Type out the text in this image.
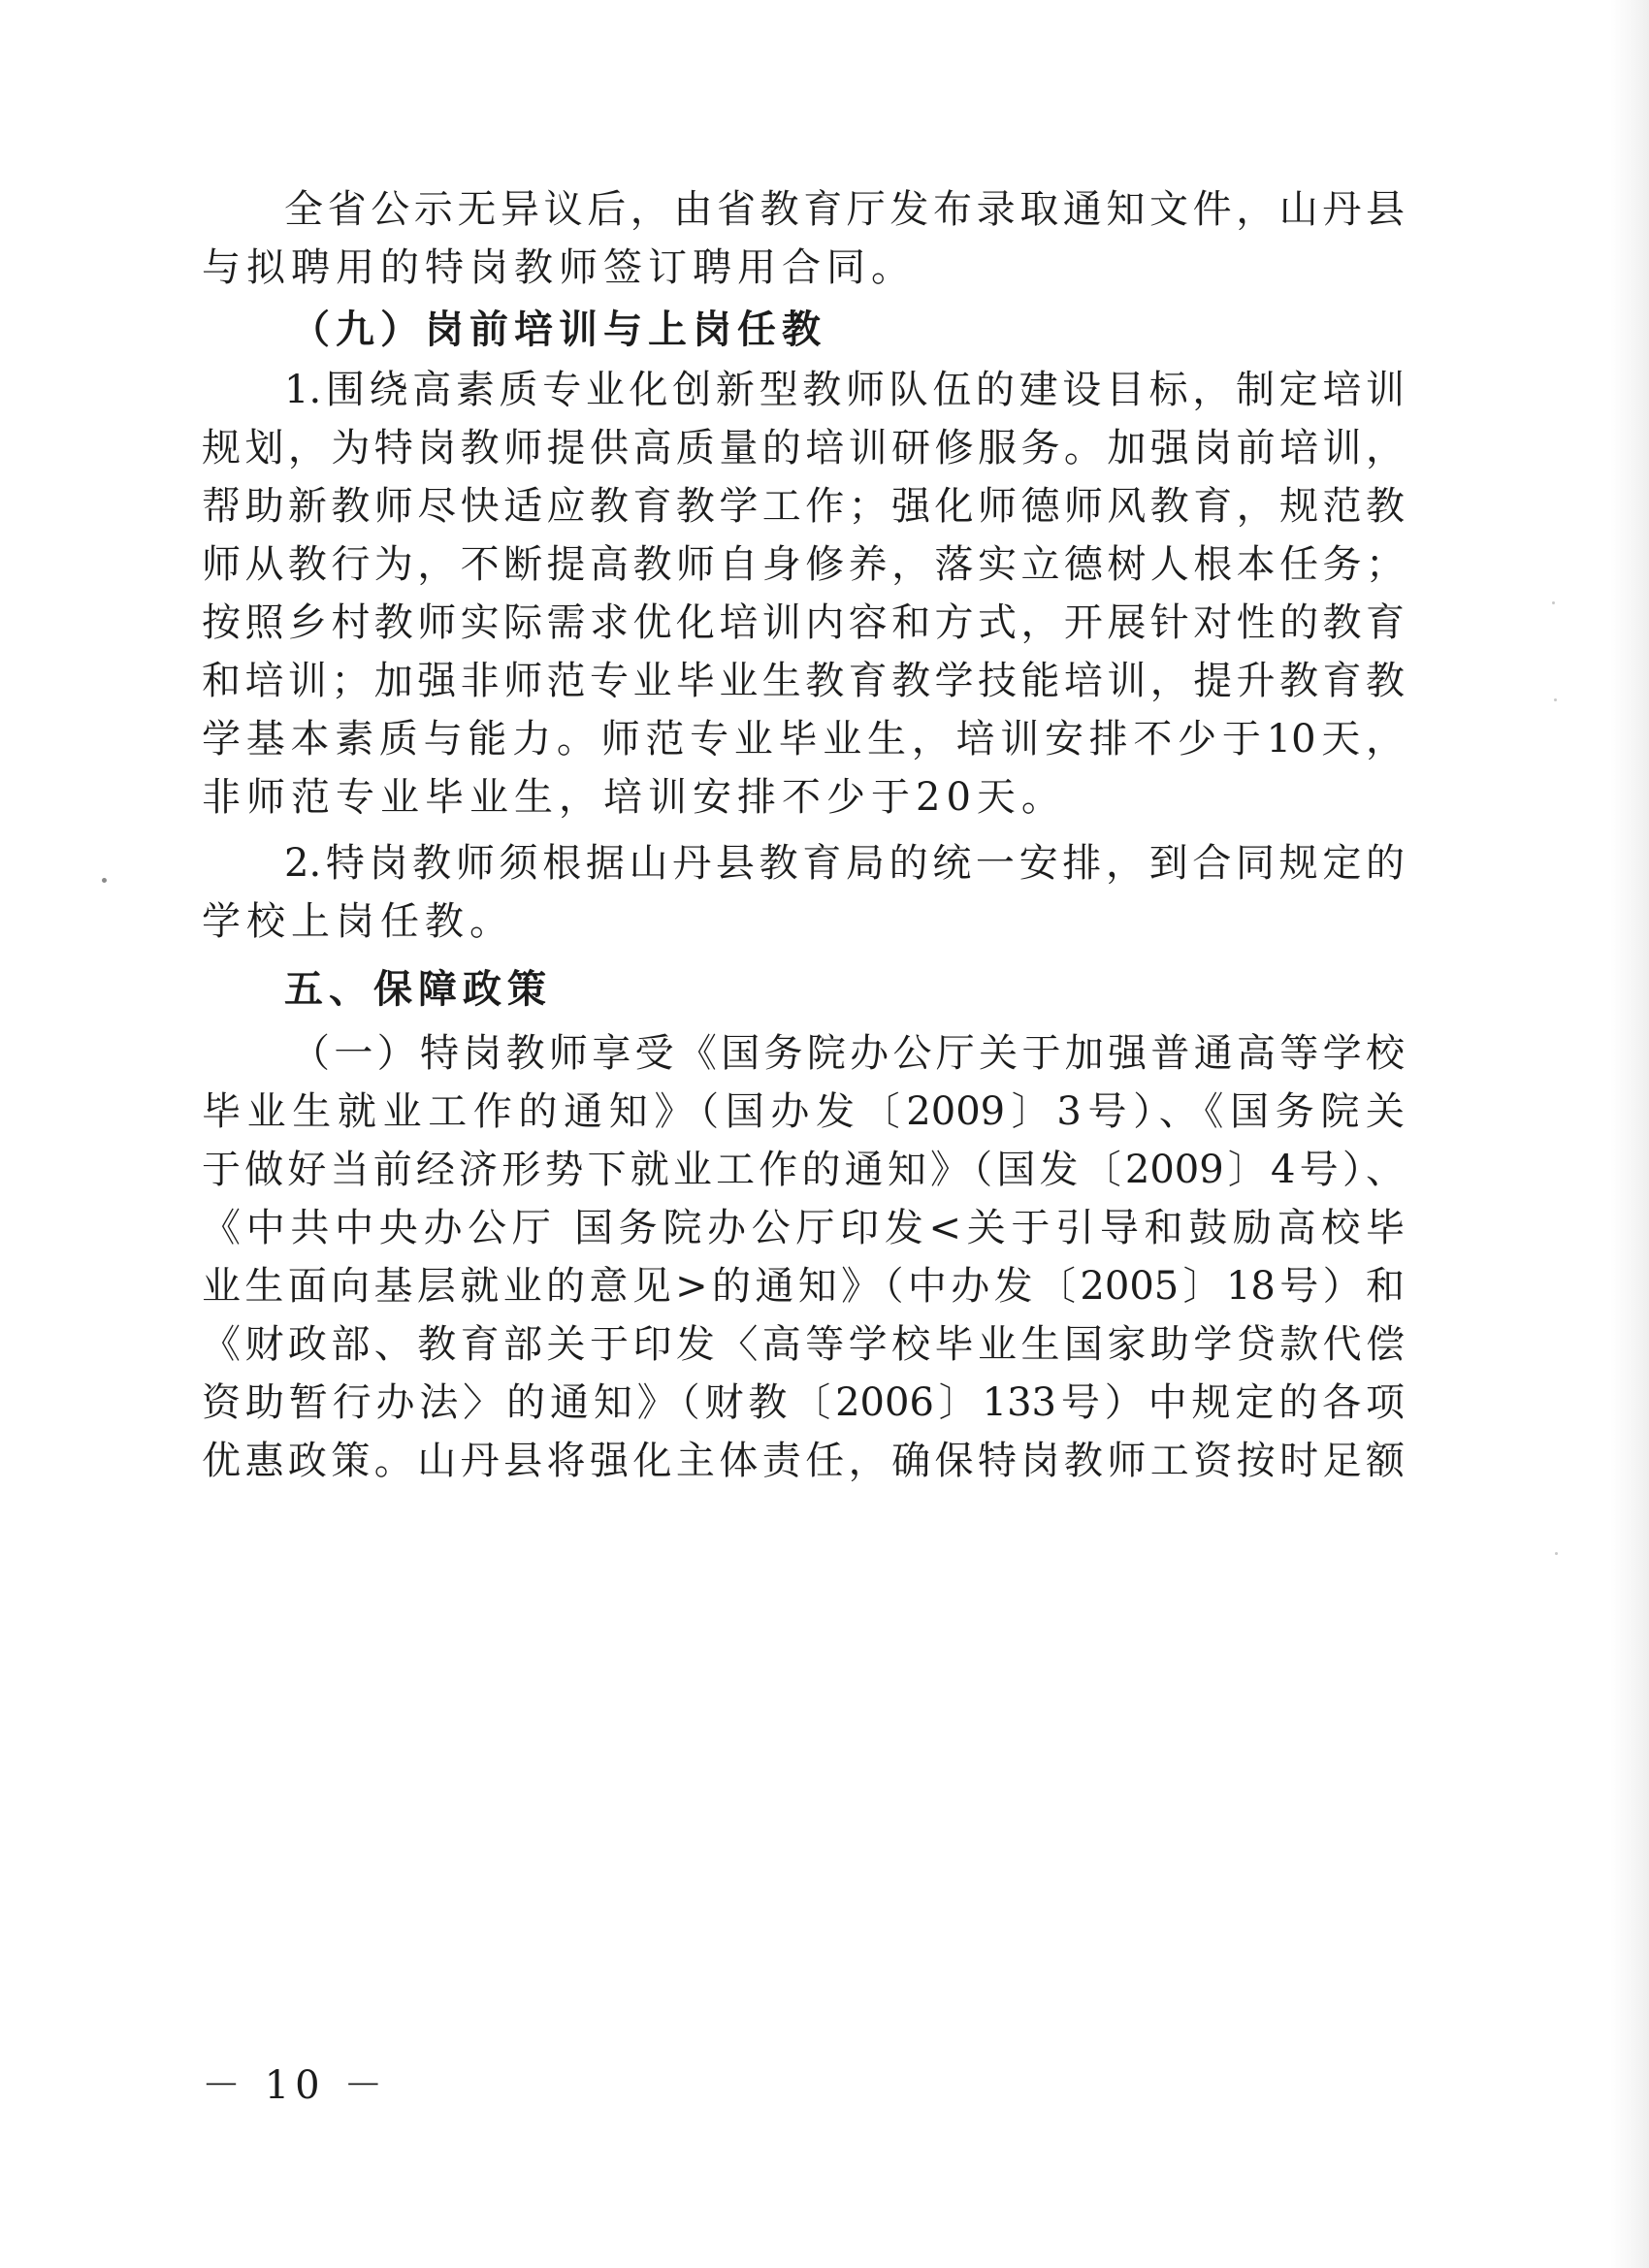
全省公示无异议后，由省教育厅发布录取通知文件，山丹县
与拟聘用的特岗教师签订聘用合同。
（九）岗前培训与上岗任教
1.围绕高素质专业化创新型教师队伍的建设目标，制定培训
规划，为特岗教师提供高质量的培训研修服务。加强岗前培训，
帮助新教师尽快适应教育教学工作；强化师德师风教育，规范教
师从教行为，不断提高教师自身修养，落实立德树人根本任务；
按照乡村教师实际需求优化培训内容和方式，开展针对性的教育
和培训；加强非师范专业毕业生教育教学技能培训，提升教育教
学基本素质与能力。师范专业毕业生，培训安排不少于10天，
非师范专业毕业生，培训安排不少于20天。
2.特岗教师须根据山丹县教育局的统一安排，到合同规定的
学校上岗任教。
五、保障政策
（一）特岗教师享受《国务院办公厅关于加强普通高等学校
毕业生就业工作的通知》（国办发〔2009〕3号）、《国务院关
于做好当前经济形势下就业工作的通知》（国发〔2009〕4号）、
《中共中央办公厅 国务院办公厅印发<关于引导和鼓励高校毕
业生面向基层就业的意见>的通知》（中办发〔2005〕18号）和
《财政部、教育部关于印发〈高等学校毕业生国家助学贷款代偿
资助暂行办法〉的通知》（财教〔2006〕133号）中规定的各项
优惠政策。山丹县将强化主体责任，确保特岗教师工资按时足额
－ 10 －
